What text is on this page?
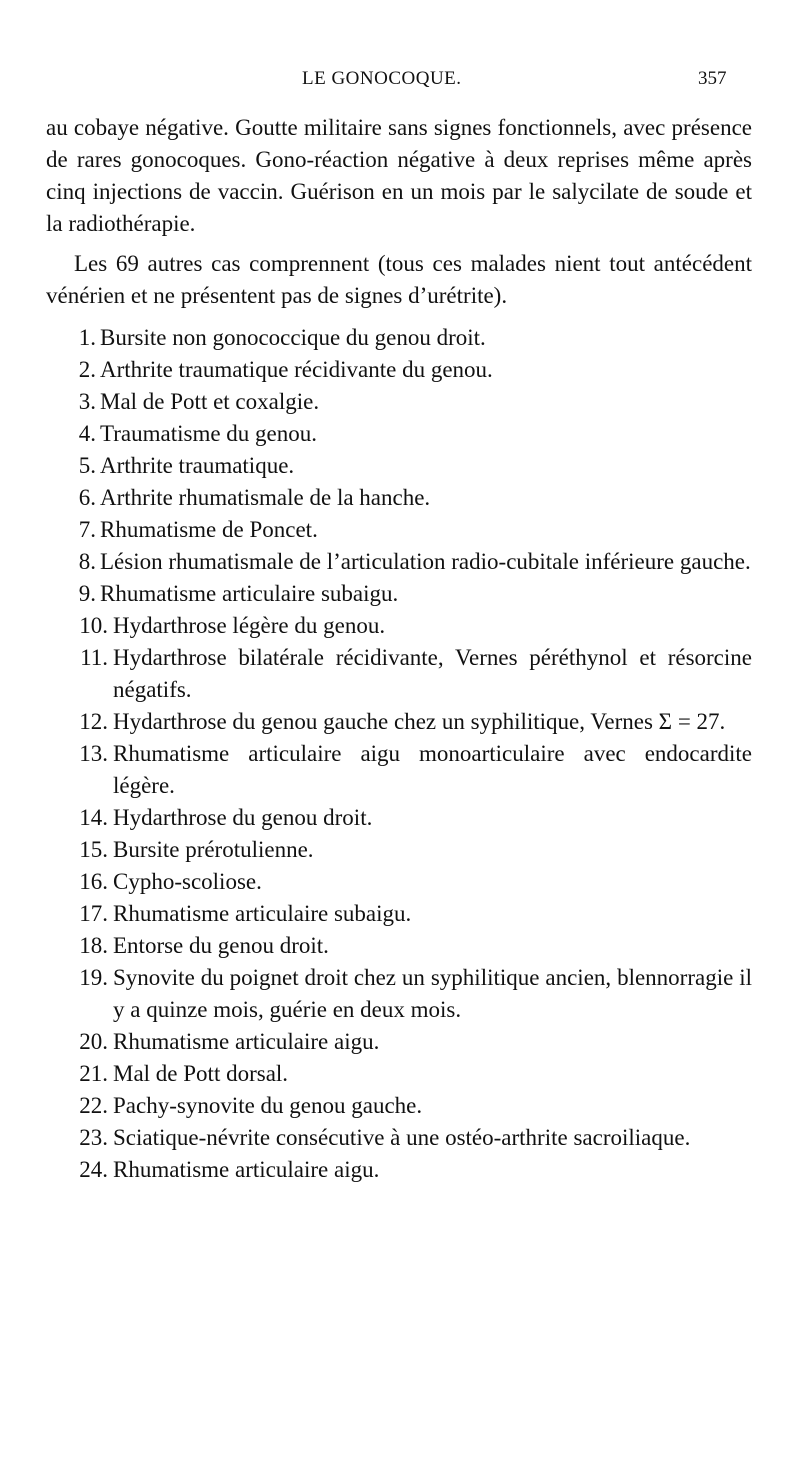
LE GONOCOQUE.	357

au cobaye négative. Goutte militaire sans signes fonctionnels, avec présence de rares gonocoques. Gono-réaction négative à deux reprises même après cinq injections de vaccin. Guérison en un mois par le salycilate de soude et la radiothérapie.

Les 69 autres cas comprennent (tous ces malades nient tout antécédent vénérien et ne présentent pas de signes d’urétrite).

1. Bursite non gonococcique du genou droit.
2. Arthrite traumatique récidivante du genou.
3. Mal de Pott et coxalgie.
4. Traumatisme du genou.
5. Arthrite traumatique.
6. Arthrite rhumatismale de la hanche.
7. Rhumatisme de Poncet.
8. Lésion rhumatismale de l’articulation radio-cubitale inférieure gauche.
9. Rhumatisme articulaire subaigu.
10. Hydarthrose légère du genou.
11. Hydarthrose bilatérale récidivante, Vernes péréthynol et résorcine négatifs.
12. Hydarthrose du genou gauche chez un syphilitique, Vernes Σ = 27.
13. Rhumatisme articulaire aigu monoarticulaire avec endocardite légère.
14. Hydarthrose du genou droit.
15. Bursite prérotulienne.
16. Cypho-scoliose.
17. Rhumatisme articulaire subaigu.
18. Entorse du genou droit.
19. Synovite du poignet droit chez un syphilitique ancien, blennorragie il y a quinze mois, guérie en deux mois.
20. Rhumatisme articulaire aigu.
21. Mal de Pott dorsal.
22. Pachy-synovite du genou gauche.
23. Sciatique-névrite consécutive à une ostéo-arthrite sacroiliaque.
24. Rhumatisme articulaire aigu.
